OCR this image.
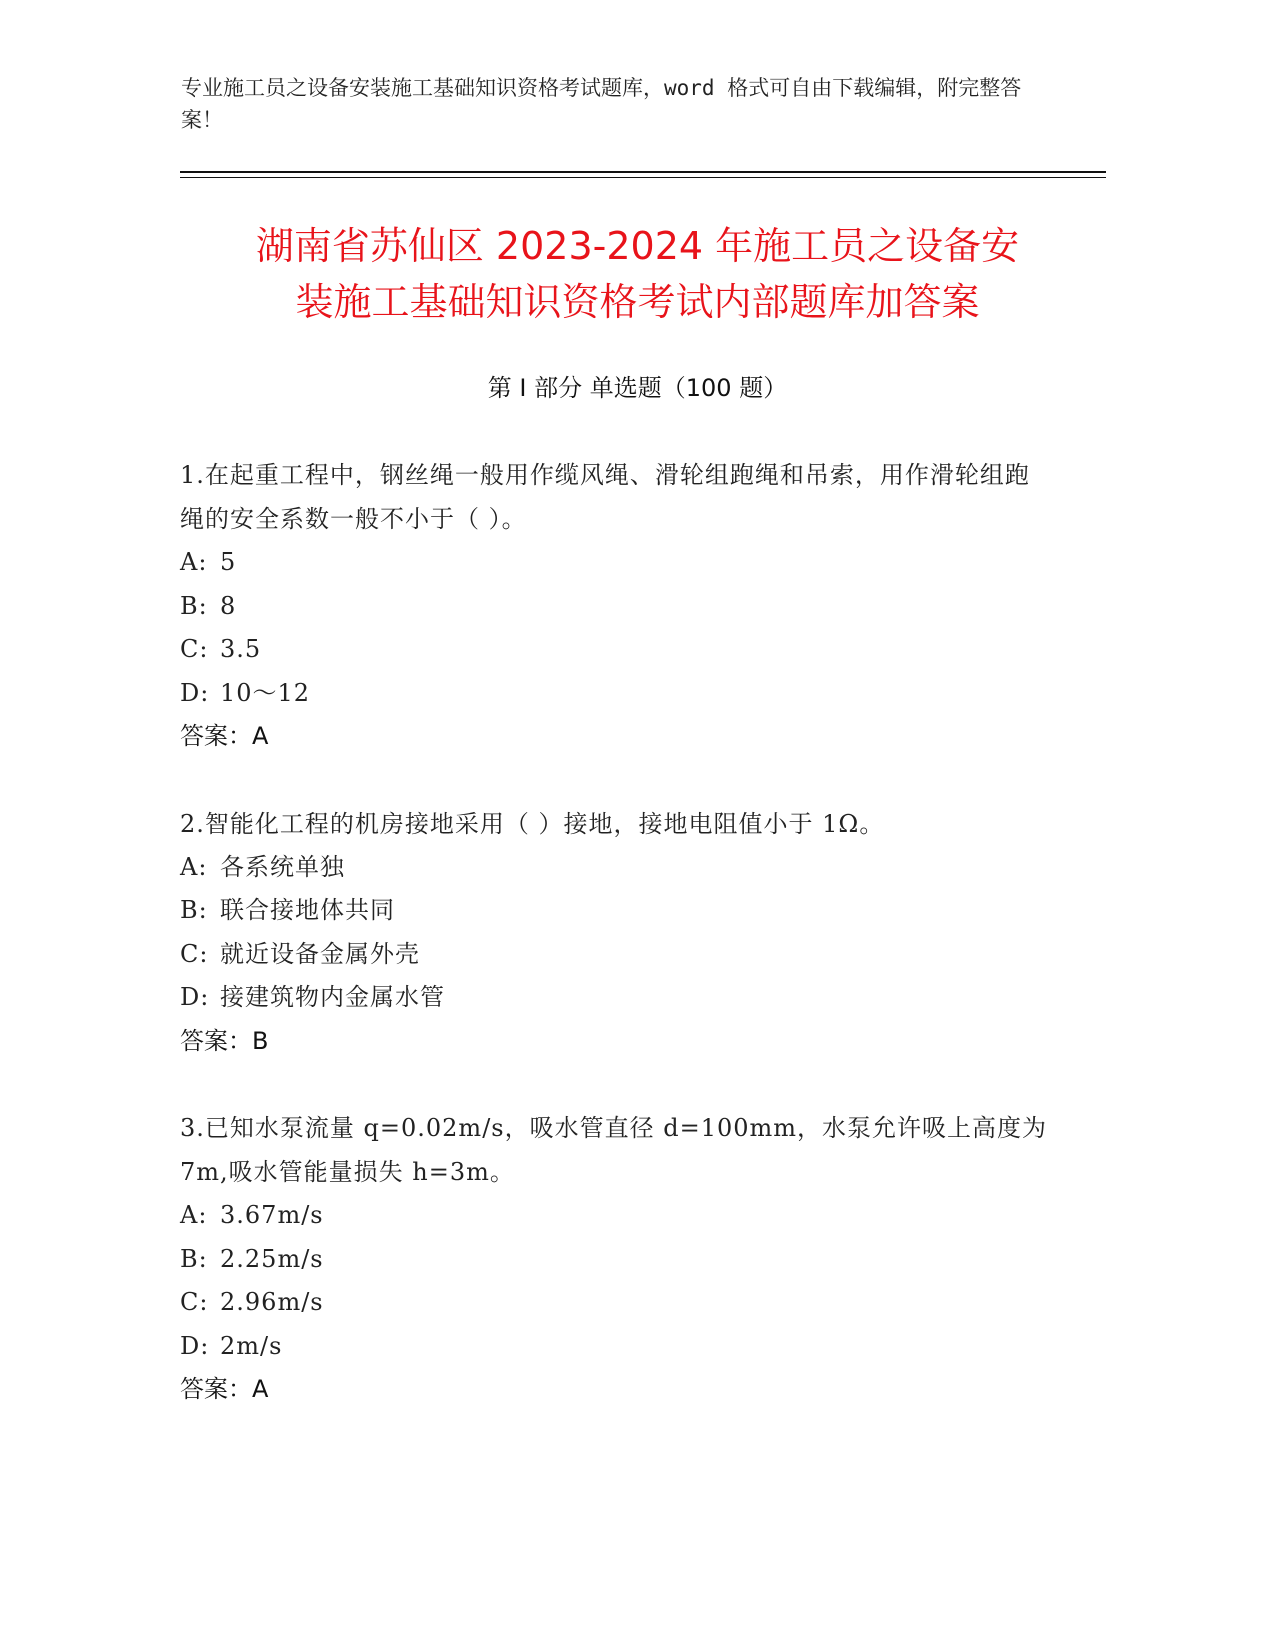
专业施工员之设备安装施工基础知识资格考试题库，word 格式可自由下载编辑，附完整答案！
湖南省苏仙区 2023-2024 年施工员之设备安
装施工基础知识资格考试内部题库加答案
第 I 部分 单选题（100 题）
1.在起重工程中，钢丝绳一般用作缆风绳、滑轮组跑绳和吊索，用作滑轮组跑绳的安全系数一般不小于（ ）。
A: 5
B: 8
C: 3.5
D: 10～12
答案：A
2.智能化工程的机房接地采用（ ）接地，接地电阻值小于 1Ω。
A: 各系统单独
B: 联合接地体共同
C: 就近设备金属外壳
D: 接建筑物内金属水管
答案：B
3.已知水泵流量 q=0.02m/s，吸水管直径 d=100mm，水泵允许吸上高度为 7m,吸水管能量损失 h=3m。
A: 3.67m/s
B: 2.25m/s
C: 2.96m/s
D: 2m/s
答案：A
